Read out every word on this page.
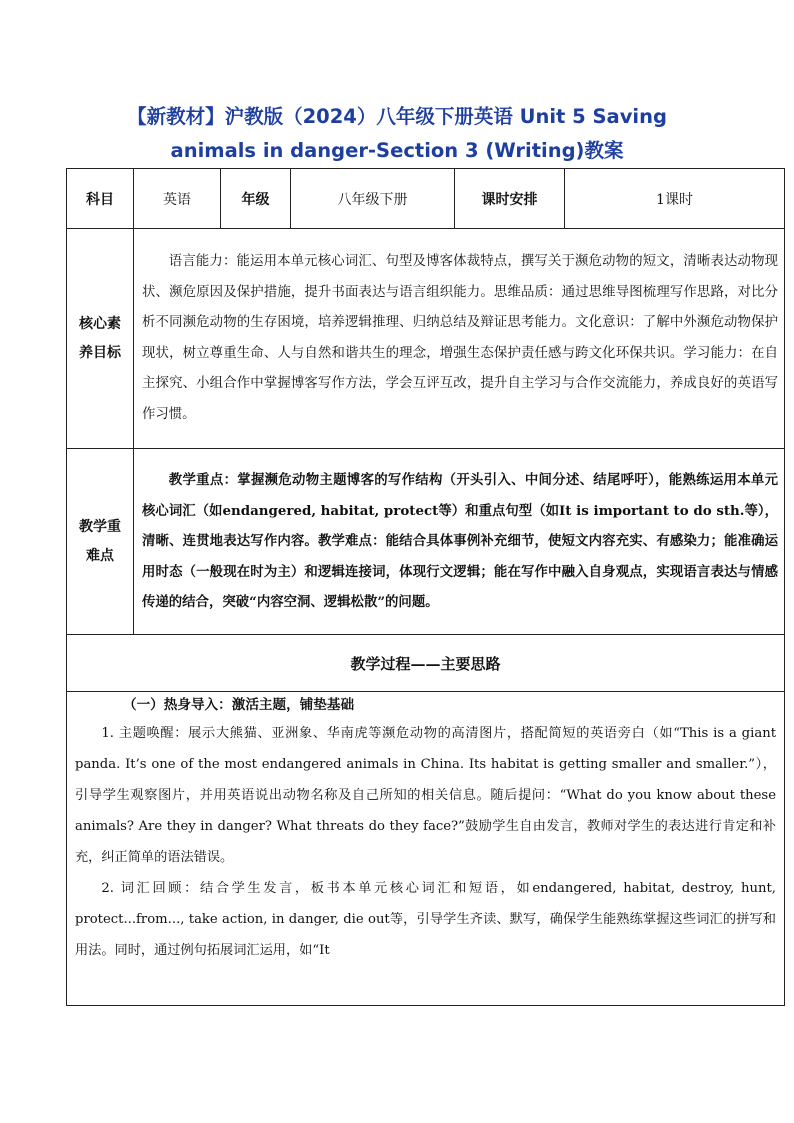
【新教材】沪教版（2024）八年级下册英语 Unit 5 Saving
animals in danger-Section 3 (Writing)教案
科目	英语	年级	八年级下册	课时安排	1课时

核心素
养目标	语言能力：能运用本单元核心词汇、句型及博客体裁特点，撰写关于濒危动物的短文，清晰表达动物现状、濒危原因及保护措施，提升书面表达与语言组织能力。思维品质：通过思维导图梳理写作思路，对比分析不同濒危动物的生存困境，培养逻辑推理、归纳总结及辩证思考能力。文化意识：了解中外濒危动物保护现状，树立尊重生命、人与自然和谐共生的理念，增强生态保护责任感与跨文化环保共识。学习能力：在自主探究、小组合作中掌握博客写作方法，学会互评互改，提升自主学习与合作交流能力，养成良好的英语写作习惯。				

教学重
难点	教学重点：掌握濒危动物主题博客的写作结构（开头引入、中间分述、结尾呼吁），能熟练运用本单元核心词汇（如endangered, habitat, protect等）和重点句型（如It is important to do sth.等），清晰、连贯地表达写作内容。教学难点：能结合具体事例补充细节，使短文内容充实、有感染力；能准确运用时态（一般现在时为主）和逻辑连接词，体现行文逻辑；能在写作中融入自身观点，实现语言表达与情感传递的结合，突破“内容空洞、逻辑松散”的问题。				

教学过程——主要思路					

（一）热身导入：激活主题，铺垫基础

1. 主题唤醒：展示大熊猫、亚洲象、华南虎等濒危动物的高清图片，搭配简短的英语旁白（如“This is a giant panda. It’s one of the most endangered animals in China. Its habitat is getting smaller and smaller.”），引导学生观察图片，并用英语说出动物名称及自己所知的相关信息。随后提问：“What do you know about these animals? Are they in danger? What threats do they face?”鼓励学生自由发言，教师对学生的表达进行肯定和补充，纠正简单的语法错误。

2. 词汇回顾：结合学生发言，板书本单元核心词汇和短语，如endangered, habitat, destroy, hunt, protect...from..., take action, in danger, die out等，引导学生齐读、默写，确保学生能熟练掌握这些词汇的拼写和用法。同时，通过例句拓展词汇运用，如“It					
